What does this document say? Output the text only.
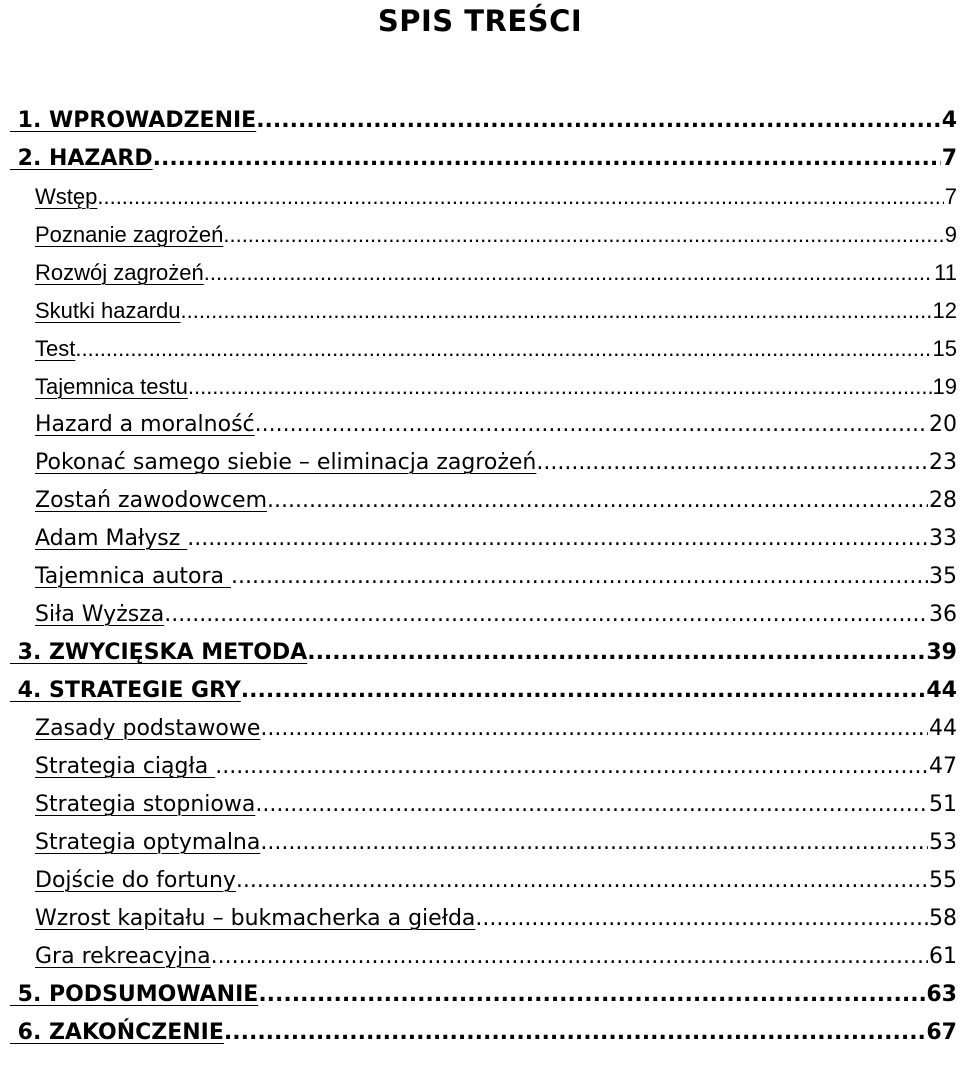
SPIS TREŚCI
1. WPROWADZENIE .....	4
2. HAZARD .....	7
Wstęp .....	7
Poznanie zagrożeń .....	9
Rozwój zagrożeń .....	11
Skutki hazardu .....	12
Test .....	15
Tajemnica testu .....	19
Hazard a moralność .....	20
Pokonać samego siebie – eliminacja zagrożeń .....	23
Zostań zawodowcem .....	28
Adam Małysz .....	33
Tajemnica autora .....	35
Siła Wyższa .....	36
3. ZWYCIĘSKA METODA .....	39
4. STRATEGIE GRY .....	44
Zasady podstawowe .....	44
Strategia ciągła .....	47
Strategia stopniowa .....	51
Strategia optymalna .....	53
Dojście do fortuny .....	55
Wzrost kapitału – bukmacherka a giełda .....	58
Gra rekreacyjna .....	61
5. PODSUMOWANIE .....	63
6. ZAKOŃCZENIE .....	67
